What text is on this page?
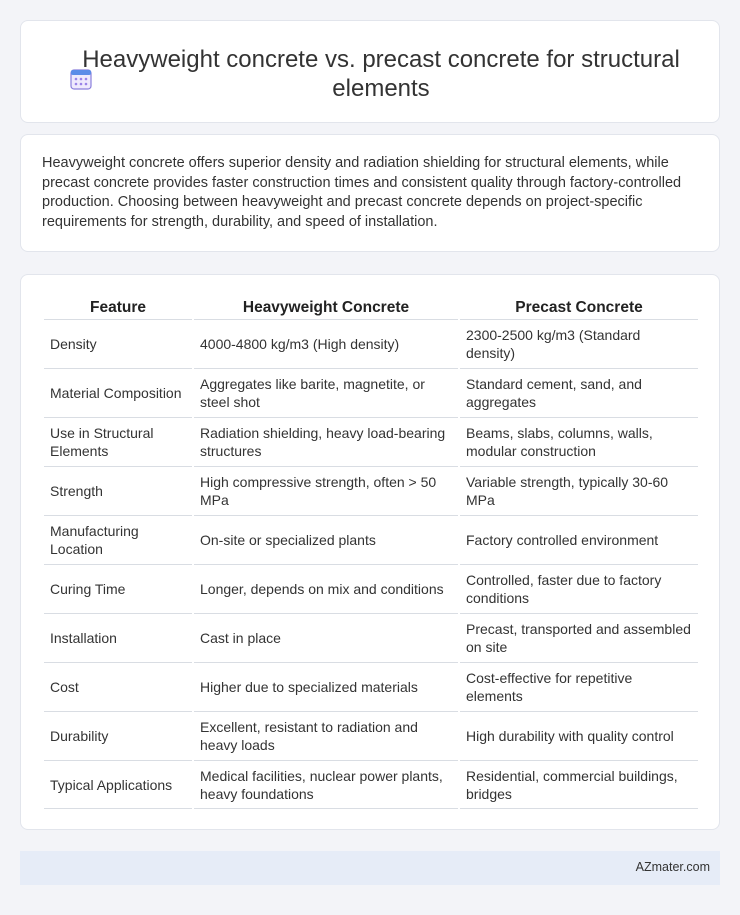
Heavyweight concrete vs. precast concrete for structural elements

Heavyweight concrete offers superior density and radiation shielding for structural elements, while precast concrete provides faster construction times and consistent quality through factory-controlled production. Choosing between heavyweight and precast concrete depends on project-specific requirements for strength, durability, and speed of installation.

Feature	Heavyweight Concrete	Precast Concrete
Density	4000-4800 kg/m3 (High density)	2300-2500 kg/m3 (Standard density)
Material Composition	Aggregates like barite, magnetite, or steel shot	Standard cement, sand, and aggregates
Use in Structural Elements	Radiation shielding, heavy load-bearing structures	Beams, slabs, columns, walls, modular construction
Strength	High compressive strength, often > 50 MPa	Variable strength, typically 30-60 MPa
Manufacturing Location	On-site or specialized plants	Factory controlled environment
Curing Time	Longer, depends on mix and conditions	Controlled, faster due to factory conditions
Installation	Cast in place	Precast, transported and assembled on site
Cost	Higher due to specialized materials	Cost-effective for repetitive elements
Durability	Excellent, resistant to radiation and heavy loads	High durability with quality control
Typical Applications	Medical facilities, nuclear power plants, heavy foundations	Residential, commercial buildings, bridges
AZmater.com
